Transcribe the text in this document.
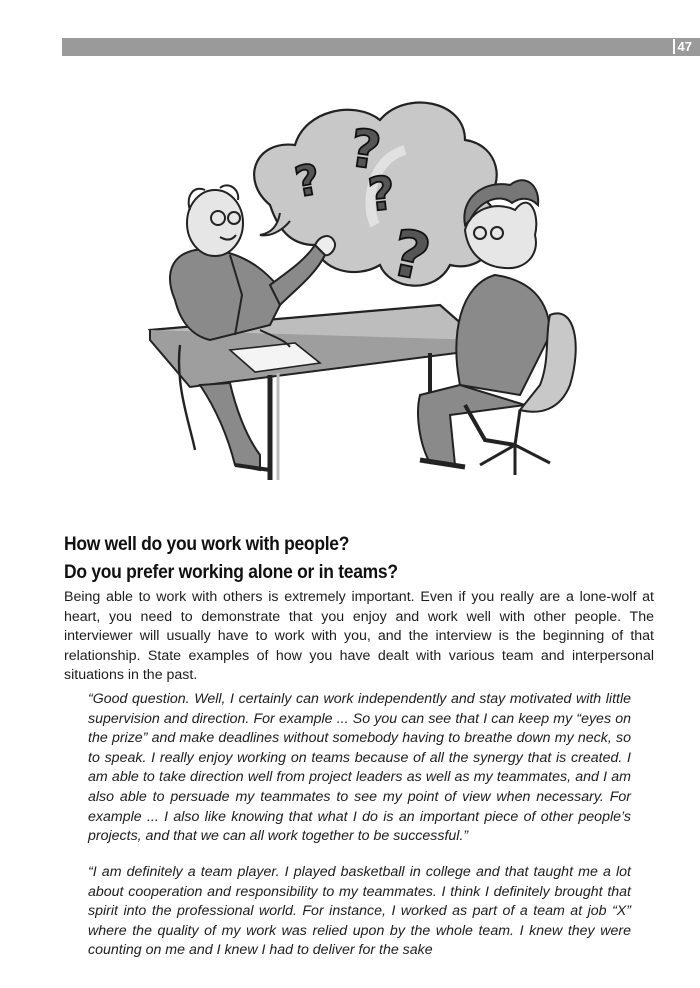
47
? ?
?
?
How well do you work with people?
Do you prefer working alone or in teams?

Being able to work with others is extremely important. Even if you really are a lone-wolf at heart, you need to demonstrate that you enjoy and work well with other people. The interviewer will usually have to work with you, and the interview is the beginning of that relationship. State examples of how you have dealt with various team and interpersonal situations in the past.

“Good question. Well, I certainly can work independently and stay motivated with little supervision and direction. For example ... So you can see that I can keep my “eyes on the prize” and make deadlines without somebody having to breathe down my neck, so to speak. I really enjoy working on teams because of all the synergy that is created. I am able to take direction well from project leaders as well as my teammates, and I am also able to persuade my teammates to see my point of view when necessary. For example ... I also like knowing that what I do is an important piece of other people’s projects, and that we can all work together to be successful.”

“I am definitely a team player. I played basketball in college and that taught me a lot about cooperation and responsibility to my teammates. I think I definitely brought that spirit into the professional world. For instance, I worked as part of a team at job “X” where the quality of my work was relied upon by the whole team. I knew they were counting on me and I knew I had to deliver for the sake
